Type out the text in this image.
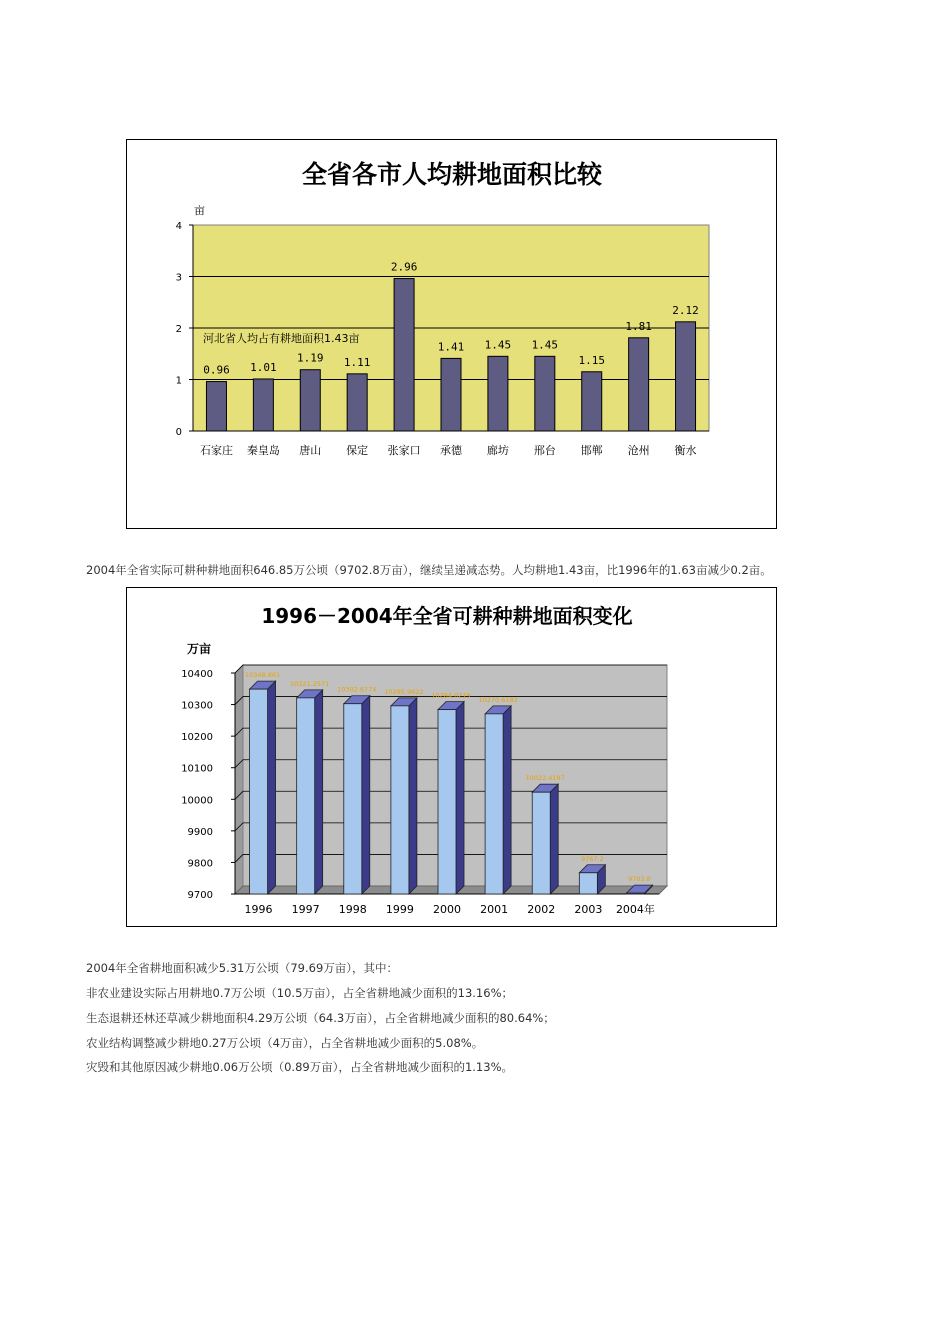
全省各市人均耕地面积比较
0
1
2
3
4
亩
0.96
石家庄
1.01
秦皇岛
1.19
唐山
1.11
保定
2.96
张家口
1.41
承德
1.45
廊坊
1.45
邢台
1.15
邯郸
1.81
沧州
2.12
衡水
河北省人均占有耕地面积1.43亩
2004年全省实际可耕种耕地面积646.85万公顷（9702.8万亩），继续呈递减态势。人均耕地1.43亩，比1996年的1.63亩减少0.2亩。
1996－2004年全省可耕种耕地面积变化
9700
9800
9900
10000
10100
10200
10300
10400
万亩
10348.861
1996
10321.2571
1997
10302.6774
1998
10295.9622
1999
10284.0219
2000
10270.6182
2001
10022.4197
2002
9767.2
2003
9702.8
2004年
2004年全省耕地面积减少5.31万公顷（79.69万亩），其中：
非农业建设实际占用耕地0.7万公顷（10.5万亩），占全省耕地减少面积的13.16%；
生态退耕还林还草减少耕地面积4.29万公顷（64.3万亩），占全省耕地减少面积的80.64%；
农业结构调整减少耕地0.27万公顷（4万亩），占全省耕地减少面积的5.08%。
灾毁和其他原因减少耕地0.06万公顷（0.89万亩），占全省耕地减少面积的1.13%。
